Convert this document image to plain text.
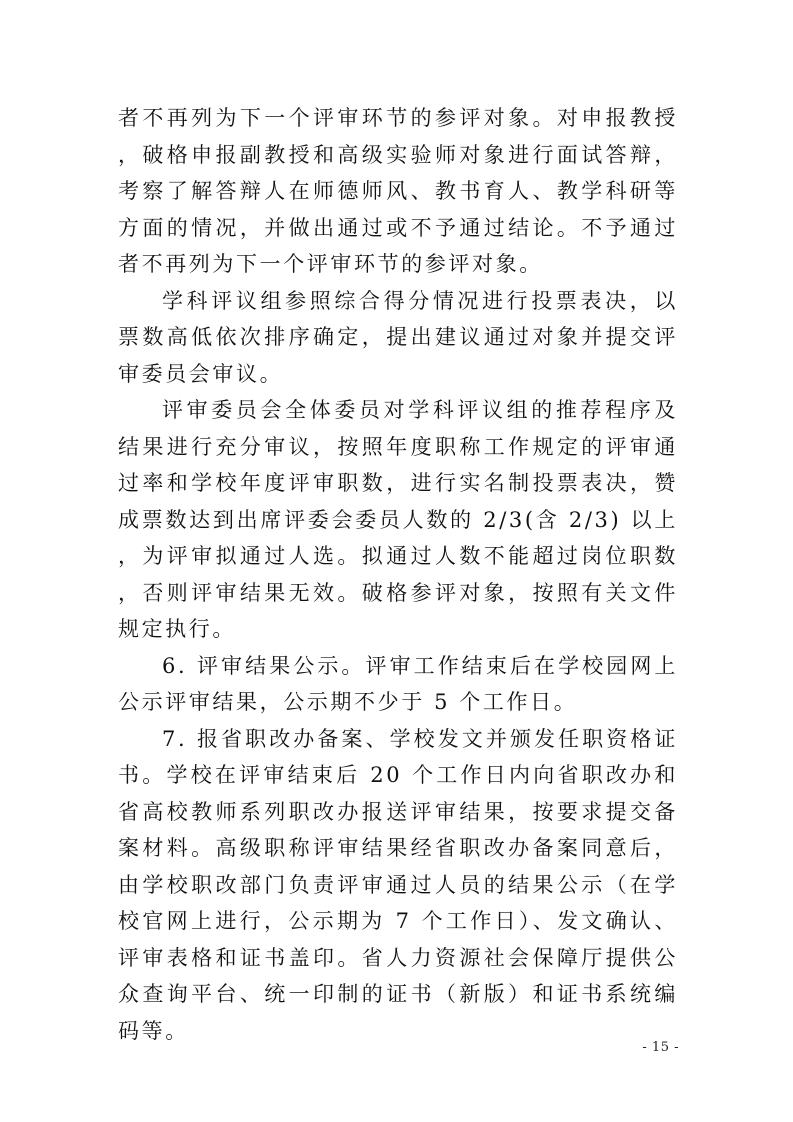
者不再列为下一个评审环节的参评对象。对申报教授，破格申报副教授和高级实验师对象进行面试答辩，考察了解答辩人在师德师风、教书育人、教学科研等方面的情况，并做出通过或不予通过结论。不予通过者不再列为下一个评审环节的参评对象。

学科评议组参照综合得分情况进行投票表决，以票数高低依次排序确定，提出建议通过对象并提交评审委员会审议。

评审委员会全体委员对学科评议组的推荐程序及结果进行充分审议，按照年度职称工作规定的评审通过率和学校年度评审职数，进行实名制投票表决，赞成票数达到出席评委会委员人数的 2/3(含 2/3) 以上，为评审拟通过人选。拟通过人数不能超过岗位职数，否则评审结果无效。破格参评对象，按照有关文件规定执行。

6. 评审结果公示。评审工作结束后在学校园网上公示评审结果，公示期不少于 5 个工作日。

7. 报省职改办备案、学校发文并颁发任职资格证书。学校在评审结束后 20 个工作日内向省职改办和省高校教师系列职改办报送评审结果，按要求提交备案材料。高级职称评审结果经省职改办备案同意后，由学校职改部门负责评审通过人员的结果公示（在学校官网上进行，公示期为 7 个工作日）、发文确认、评审表格和证书盖印。省人力资源社会保障厅提供公众查询平台、统一印制的证书（新版）和证书系统编码等。

- 15 -
